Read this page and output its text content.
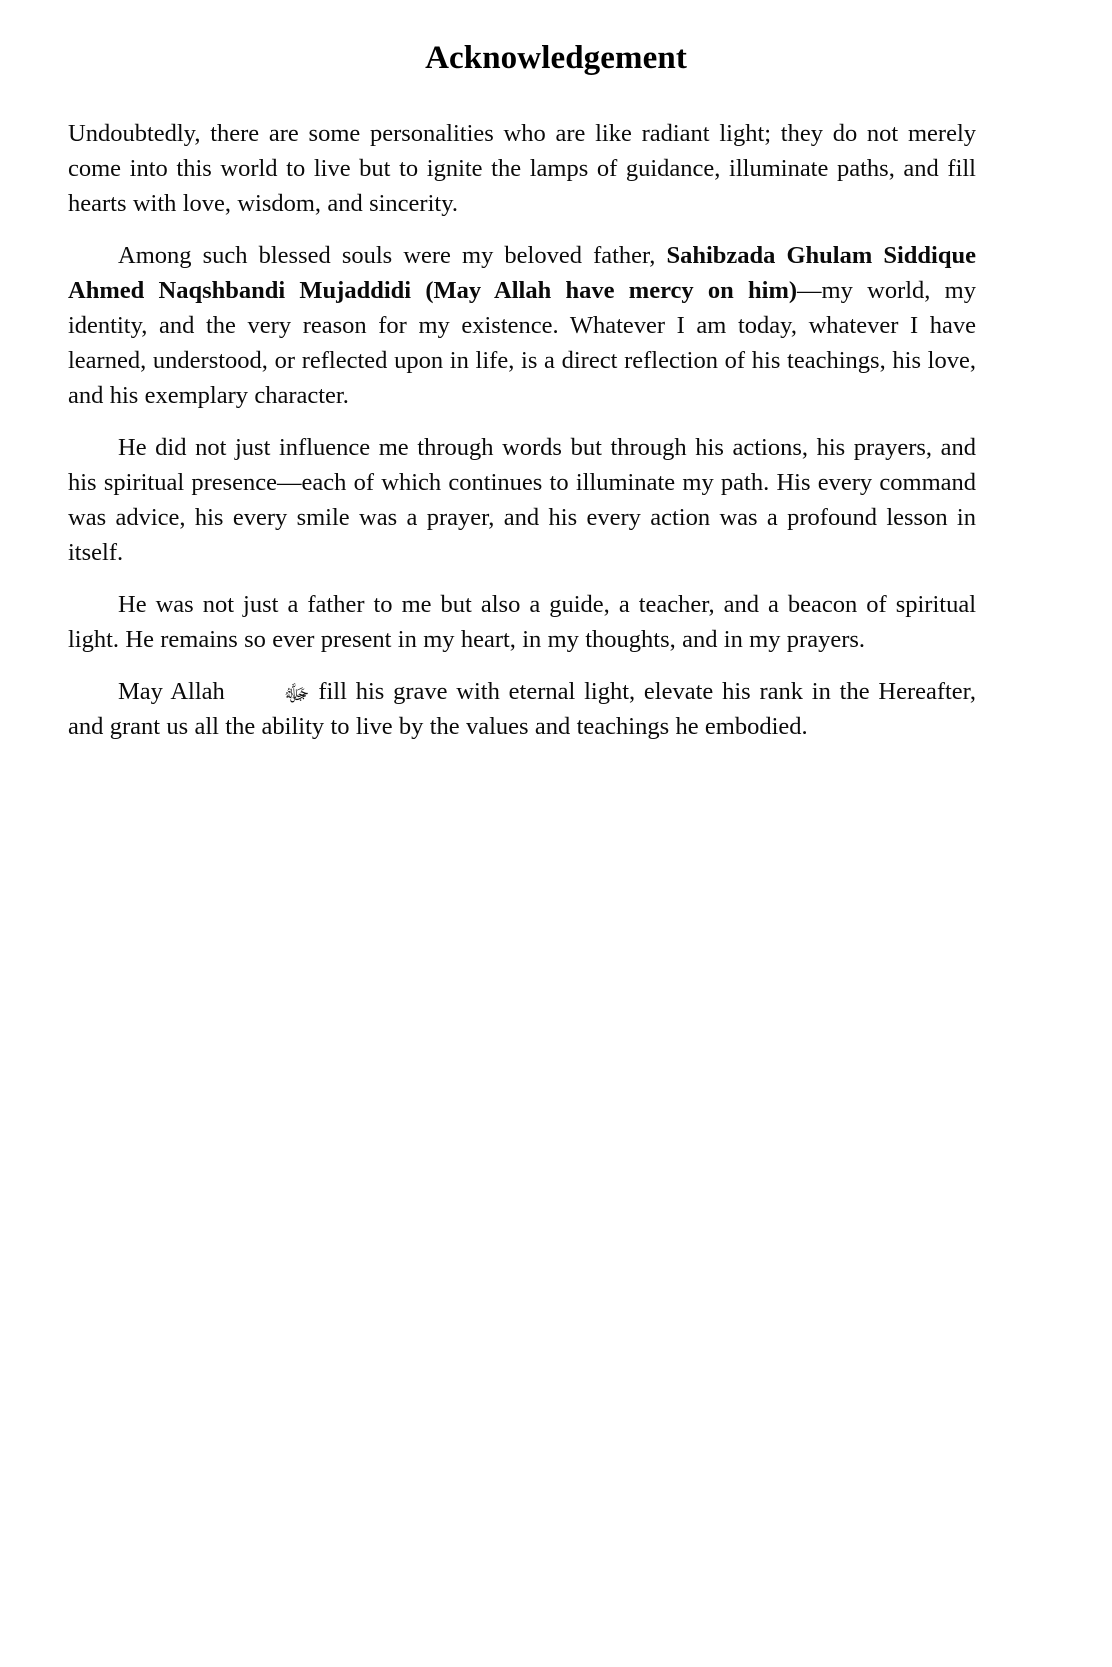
Acknowledgement

Undoubtedly, there are some personalities who are like radiant light; they do not merely come into this world to live but to ignite the lamps of guidance, illuminate paths, and fill hearts with love, wisdom, and sincerity.

Among such blessed souls were my beloved father, Sahibzada Ghulam Siddique Ahmed Naqshbandi Mujaddidi (May Allah have mercy on him)—my world, my identity, and the very reason for my existence. Whatever I am today, whatever I have learned, understood, or reflected upon in life, is a direct reflection of his teachings, his love, and his exemplary character.

He did not just influence me through words but through his actions, his prayers, and his spiritual presence—each of which continues to illuminate my path. His every command was advice, his every smile was a prayer, and his every action was a profound lesson in itself.

He was not just a father to me but also a guide, a teacher, and a beacon of spiritual light. He remains so ever present in my heart, in my thoughts, and in my prayers.

May Allah ﷻ fill his grave with eternal light, elevate his rank in the Hereafter, and grant us all the ability to live by the values and teachings he embodied.
